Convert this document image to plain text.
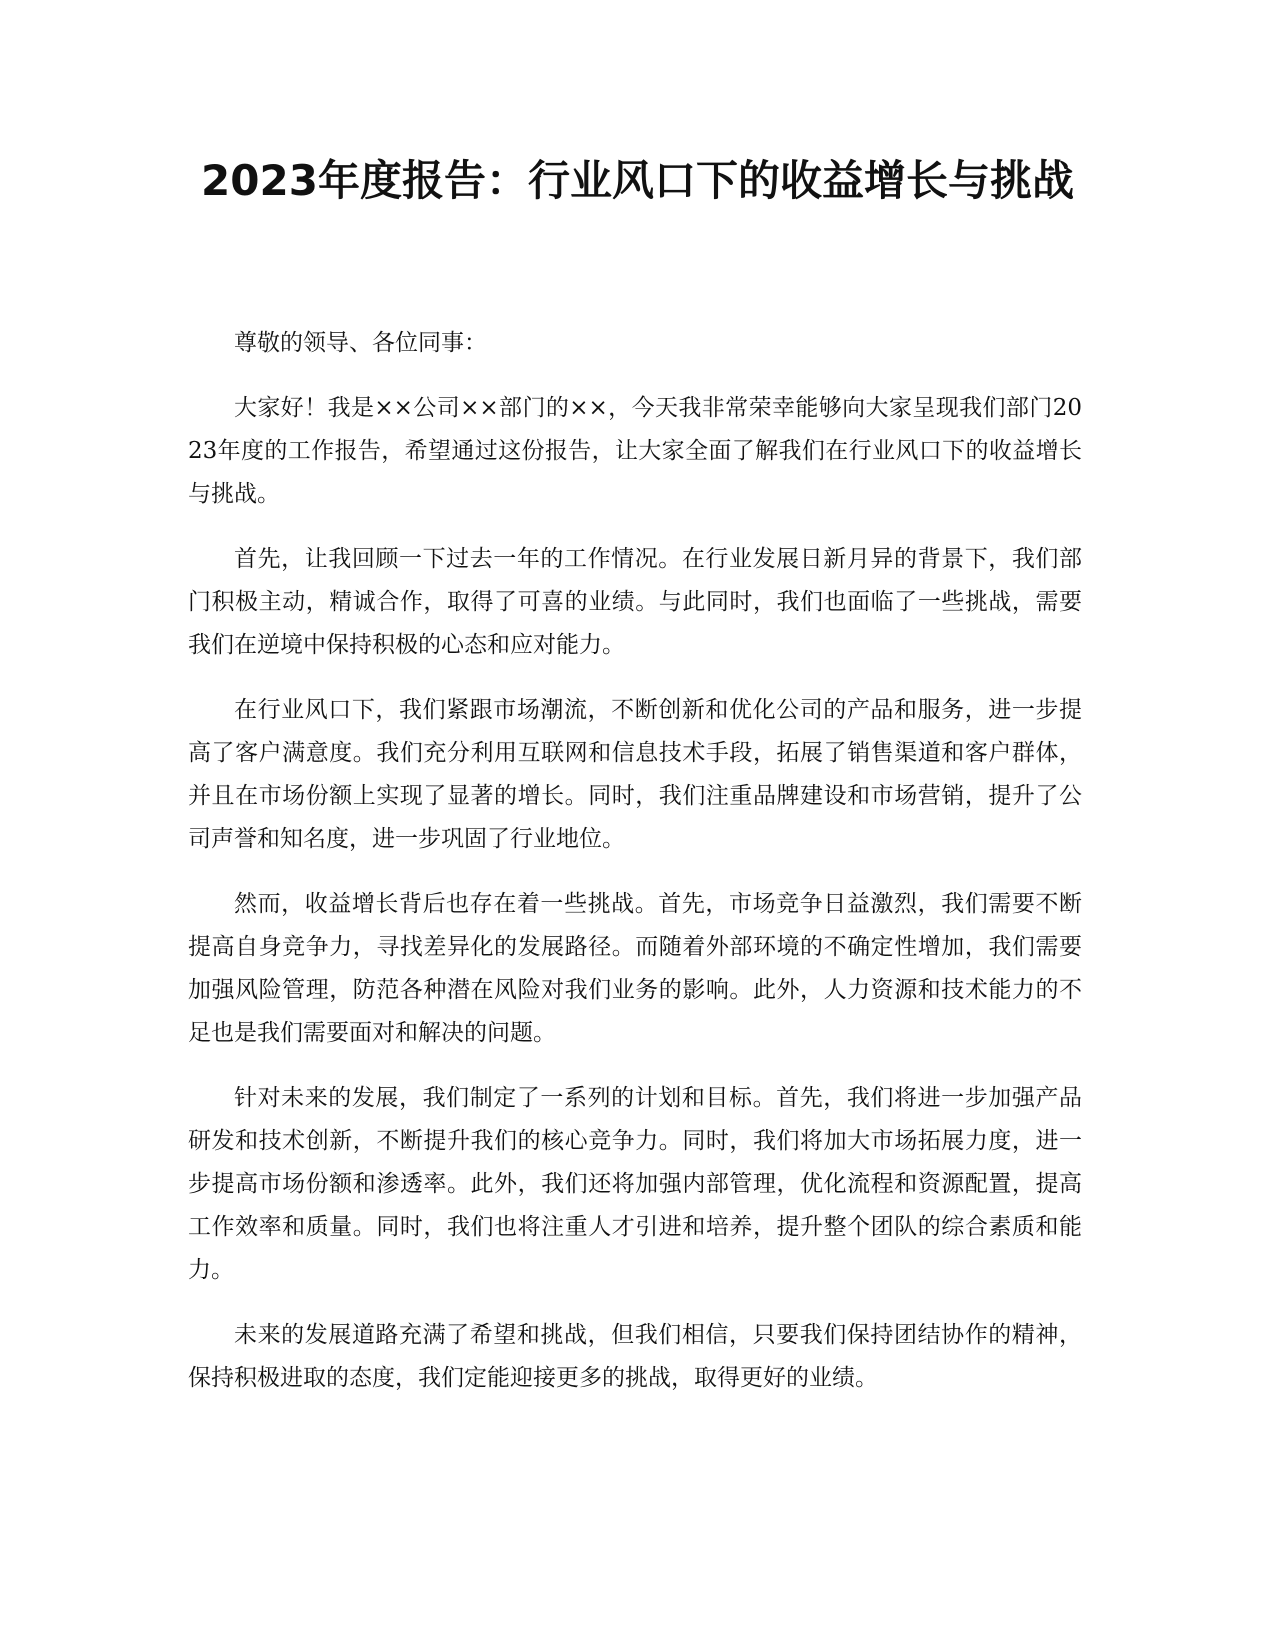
2023年度报告：行业风口下的收益增长与挑战

尊敬的领导、各位同事：

大家好！我是××公司××部门的××，今天我非常荣幸能够向大家呈现我们部门2023年度的工作报告，希望通过这份报告，让大家全面了解我们在行业风口下的收益增长与挑战。

首先，让我回顾一下过去一年的工作情况。在行业发展日新月异的背景下，我们部门积极主动，精诚合作，取得了可喜的业绩。与此同时，我们也面临了一些挑战，需要我们在逆境中保持积极的心态和应对能力。

在行业风口下，我们紧跟市场潮流，不断创新和优化公司的产品和服务，进一步提高了客户满意度。我们充分利用互联网和信息技术手段，拓展了销售渠道和客户群体，并且在市场份额上实现了显著的增长。同时，我们注重品牌建设和市场营销，提升了公司声誉和知名度，进一步巩固了行业地位。

然而，收益增长背后也存在着一些挑战。首先，市场竞争日益激烈，我们需要不断提高自身竞争力，寻找差异化的发展路径。而随着外部环境的不确定性增加，我们需要加强风险管理，防范各种潜在风险对我们业务的影响。此外，人力资源和技术能力的不足也是我们需要面对和解决的问题。

针对未来的发展，我们制定了一系列的计划和目标。首先，我们将进一步加强产品研发和技术创新，不断提升我们的核心竞争力。同时，我们将加大市场拓展力度，进一步提高市场份额和渗透率。此外，我们还将加强内部管理，优化流程和资源配置，提高工作效率和质量。同时，我们也将注重人才引进和培养，提升整个团队的综合素质和能力。

未来的发展道路充满了希望和挑战，但我们相信，只要我们保持团结协作的精神，保持积极进取的态度，我们定能迎接更多的挑战，取得更好的业绩。
